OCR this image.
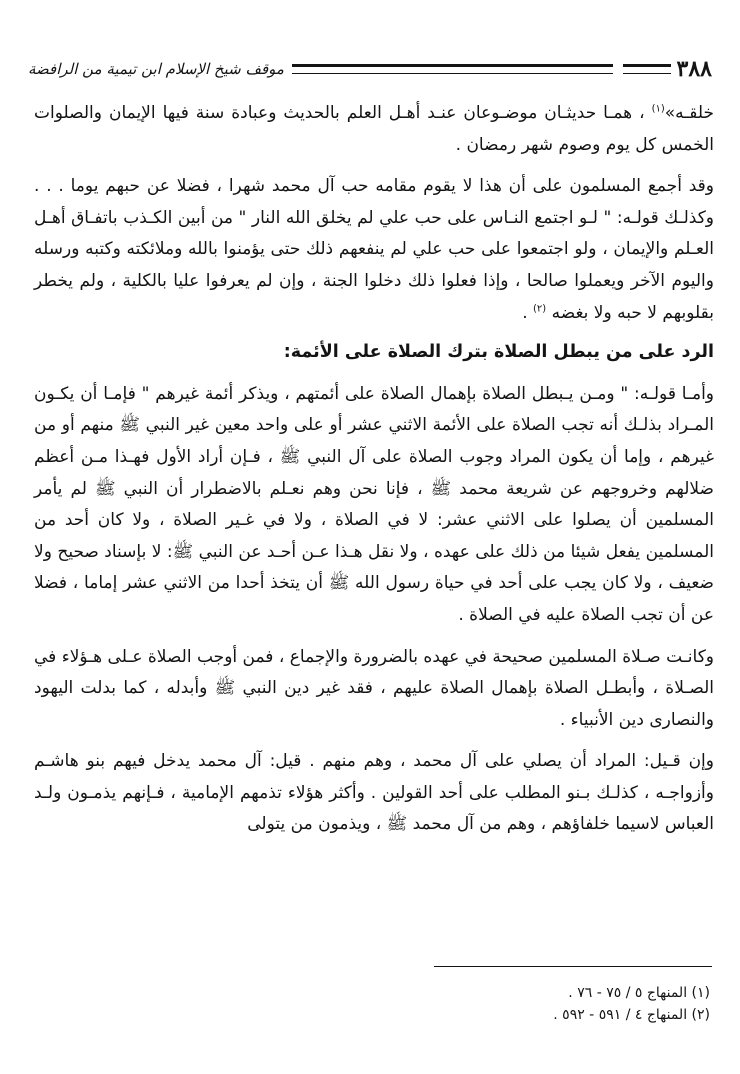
٣٨٨
موقف شيخ الإسلام ابن تيمية من الرافضة

خلقـه»$^{(١)}$ ، همـا حديثـان موضـوعان عنـد أهـل العلم بالحديث وعبادة سنة فيها الإيمان والصلوات الخمس كل يوم وصوم شهر رمضان .

وقد أجمع المسلمون على أن هذا لا يقوم مقامه حب آل محمد شهرا ، فضلا عن حبهم يوما . . . وكذلـك قولـه: " لـو اجتمع النـاس على حب علي لم يخلق الله النار " من أبين الكـذب باتفـاق أهـل العـلم والإيمان ، ولو اجتمعوا على حب علي لم ينفعهم ذلك حتى يؤمنوا بالله وملائكته وكتبه ورسله واليوم الآخر ويعملوا صالحا ، وإذا فعلوا ذلك دخلوا الجنة ، وإن لم يعرفوا عليا بالكلية ، ولم يخطر بقلوبهم لا حبه ولا بغضه $^{(٢)}$ .

الرد على من يبطل الصلاة بترك الصلاة على الأئمة:

وأمـا قولـه: " ومـن يـبطل الصلاة بإهمال الصلاة على أئمتهم ، ويذكر أئمة غيرهم " فإمـا أن يكـون المـراد بذلـك أنه تجب الصلاة على الأئمة الاثني عشر أو على واحد معين غير النبي ﷺ منهم أو من غيرهم ، وإما أن يكون المراد وجوب الصلاة على آل النبي ﷺ ، فـإن أراد الأول فهـذا مـن أعظم ضلالهم وخروجهم عن شريعة محمد ﷺ ، فإنا نحن وهم نعـلم بالاضطرار أن النبي ﷺ لم يأمر المسلمين أن يصلوا على الاثني عشر: لا في الصلاة ، ولا في غـير الصلاة ، ولا كان أحد من المسلمين يفعل شيئا من ذلك على عهده ، ولا نقل هـذا عـن أحـد عن النبي ﷺ: لا بإسناد صحيح ولا ضعيف ، ولا كان يجب على أحد في حياة رسول الله ﷺ أن يتخذ أحدا من الاثني عشر إماما ، فضلا عن أن تجب الصلاة عليه في الصلاة .

وكانـت صـلاة المسلمين صحيحة في عهده بالضرورة والإجماع ، فمن أوجب الصلاة عـلى هـؤلاء في الصـلاة ، وأبطـل الصلاة بإهمال الصلاة عليهم ، فقد غير دين النبي ﷺ وأبدله ، كما بدلت اليهود والنصارى دين الأنبياء .

وإن قـيل: المراد أن يصلي على آل محمد ، وهم منهم . قيل: آل محمد يدخل فيهم بنو هاشـم وأزواجـه ، كذلـك بـنو المطلب على أحد القولين . وأكثر هؤلاء تذمهم الإمامية ، فـإنهم يذمـون ولـد العباس لاسيما خلفاؤهم ، وهم من آل محمد ﷺ ، ويذمون من يتولى

(١) المنهاج ٥ / ٧٥ - ٧٦ .
(٢) المنهاج ٤ / ٥٩١ - ٥٩٢ .
